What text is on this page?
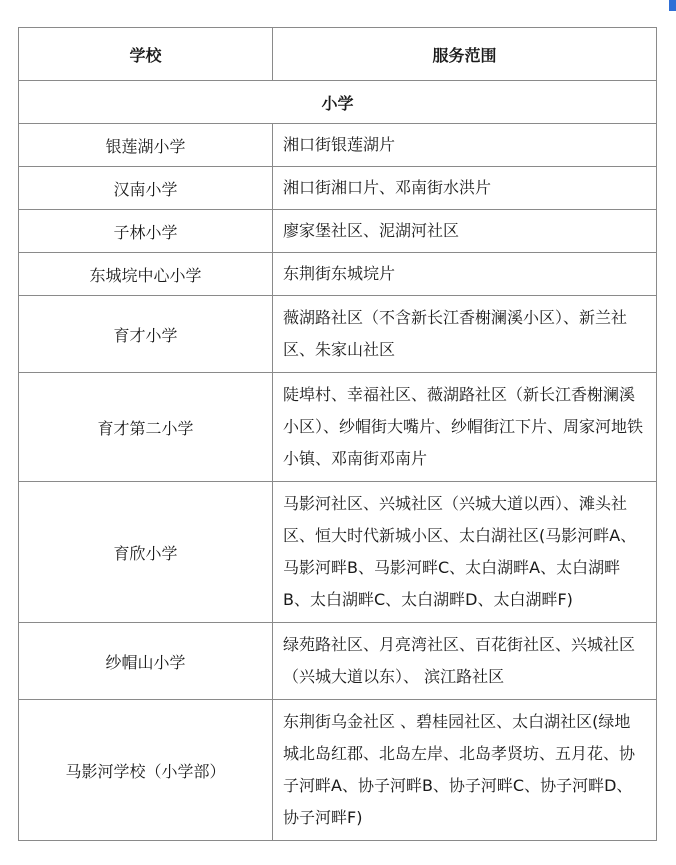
学校	服务范围
小学	
银莲湖小学	湘口街银莲湖片
汉南小学	湘口街湘口片、邓南街水洪片
子林小学	廖家堡社区、泥湖河社区
东城垸中心小学	东荆街东城垸片
育才小学	薇湖路社区（不含新长江香榭澜溪小区）、新兰社区、朱家山社区
育才第二小学	陡埠村、幸福社区、薇湖路社区（新长江香榭澜溪小区）、纱帽街大嘴片、纱帽街江下片、周家河地铁小镇、邓南街邓南片
育欣小学	马影河社区、兴城社区（兴城大道以西）、滩头社区、恒大时代新城小区、太白湖社区(马影河畔A、马影河畔B、马影河畔C、太白湖畔A、太白湖畔B、太白湖畔C、太白湖畔D、太白湖畔F)
纱帽山小学	绿苑路社区、月亮湾社区、百花街社区、兴城社区（兴城大道以东）、 滨江路社区
马影河学校（小学部）	东荆街乌金社区 、碧桂园社区、太白湖社区(绿地城北岛红郡、北岛左岸、北岛孝贤坊、五月花、协子河畔A、协子河畔B、协子河畔C、协子河畔D、协子河畔F)
